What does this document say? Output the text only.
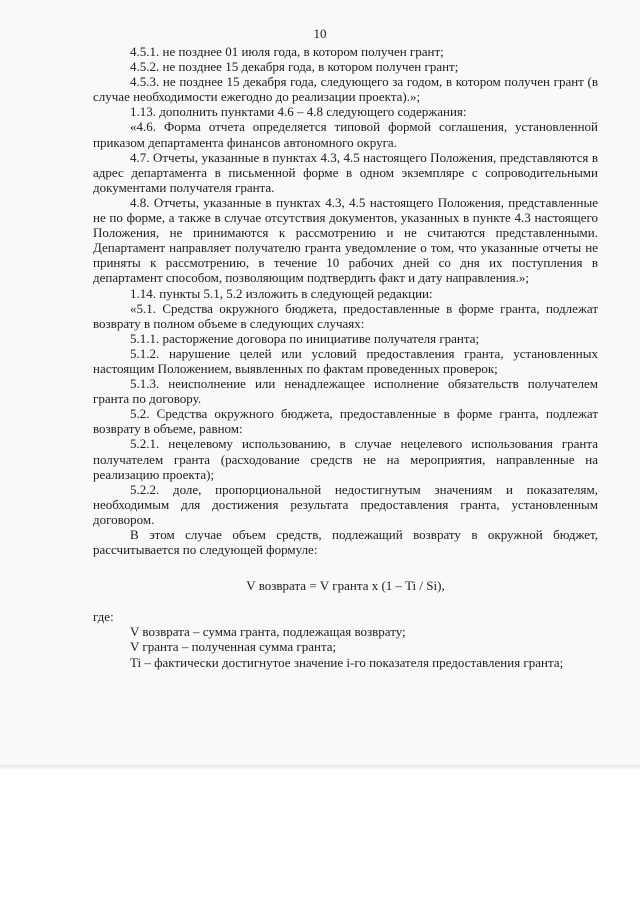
10

4.5.1. не позднее 01 июля года, в котором получен грант;

4.5.2. не позднее 15 декабря года, в котором получен грант;

4.5.3. не позднее 15 декабря года, следующего за годом, в котором получен грант (в случае необходимости ежегодно до реализации проекта).»;

1.13. дополнить пунктами 4.6 – 4.8 следующего содержания:

«4.6. Форма отчета определяется типовой формой соглашения, установленной приказом департамента финансов автономного округа.

4.7. Отчеты, указанные в пунктах 4.3, 4.5 настоящего Положения, представляются в адрес департамента в письменной форме в одном экземпляре с сопроводительными документами получателя гранта.

4.8. Отчеты, указанные в пунктах 4.3, 4.5 настоящего Положения, представленные не по форме, а также в случае отсутствия документов, указанных в пункте 4.3 настоящего Положения, не принимаются к рассмотрению и не считаются представленными. Департамент направляет получателю гранта уведомление о том, что указанные отчеты не приняты к рассмотрению, в течение 10 рабочих дней со дня их поступления в департамент способом, позволяющим подтвердить факт и дату направления.»;

1.14. пункты 5.1, 5.2 изложить в следующей редакции:

«5.1. Средства окружного бюджета, предоставленные в форме гранта, подлежат возврату в полном объеме в следующих случаях:

5.1.1. расторжение договора по инициативе получателя гранта;

5.1.2. нарушение целей или условий предоставления гранта, установленных настоящим Положением, выявленных по фактам проведенных проверок;

5.1.3. неисполнение или ненадлежащее исполнение обязательств получателем гранта по договору.

5.2. Средства окружного бюджета, предоставленные в форме гранта, подлежат возврату в объеме, равном:

5.2.1. нецелевому использованию, в случае нецелевого использования гранта получателем гранта (расходование средств не на мероприятия, направленные на реализацию проекта);

5.2.2. доле, пропорциональной недостигнутым значениям и показателям, необходимым для достижения результата предоставления гранта, установленным договором.

В этом случае объем средств, подлежащий возврату в окружной бюджет, рассчитывается по следующей формуле:

V возврата = V гранта x (1 – Ti / Si),

где:

V возврата – сумма гранта, подлежащая возврату;

V гранта – полученная сумма гранта;

Ti – фактически достигнутое значение i-го показателя предоставления гранта;
